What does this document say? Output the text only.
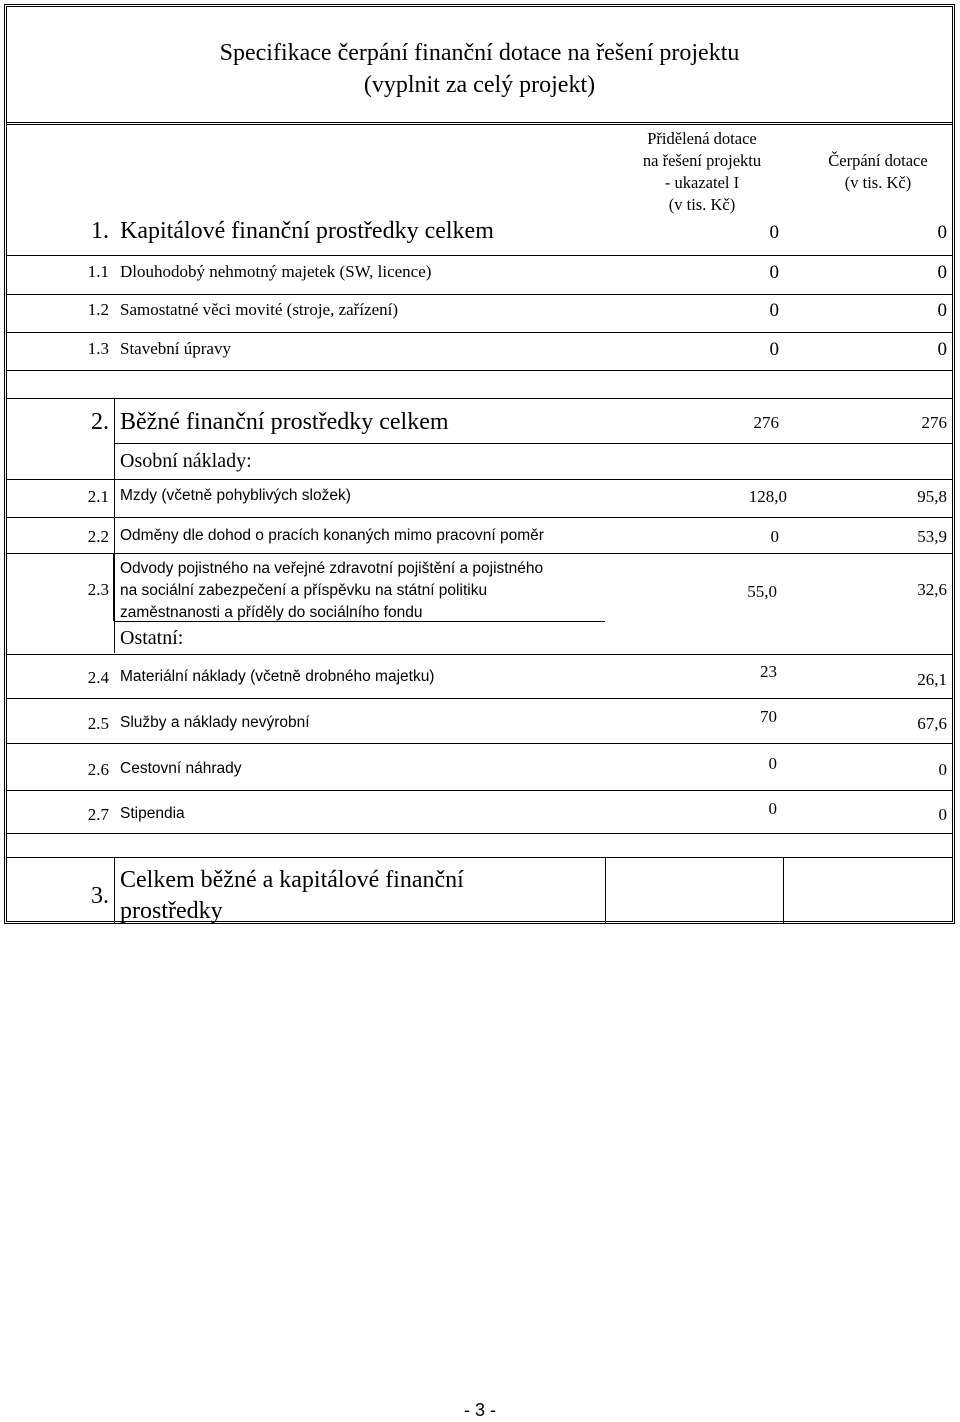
Specifikace čerpání finanční dotace na řešení projektu
(vyplnit za celý projekt)
Přidělená dotace
na řešení projektu
- ukazatel I
(v tis. Kč)
Čerpání dotace
(v tis. Kč)
1. Kapitálové finanční prostředky celkem	0	0
1.1 Dlouhodobý nehmotný majetek (SW, licence)	0	0
1.2 Samostatné věci movité (stroje, zařízení)	0	0
1.3 Stavební úpravy	0	0
2. Běžné finanční prostředky celkem	276	276
Osobní náklady:
2.1 Mzdy (včetně pohyblivých složek)	128,0	95,8
2.2 Odměny dle dohod o pracích konaných mimo pracovní poměr	0	53,9
2.3
Odvody pojistného na veřejné zdravotní pojištění a pojistného
na sociální zabezpečení a příspěvku na státní politiku
zaměstnanosti a příděly do sociálního fondu
55,0	32,6
Ostatní:
2.4 Materiální náklady (včetně drobného majetku)	23	26,1
2.5 Služby a náklady nevýrobní	70	67,6
2.6 Cestovní náhrady	0	0
2.7 Stipendia	0	0
3.
Celkem běžné a kapitálové finanční
prostředky
- 3 -
